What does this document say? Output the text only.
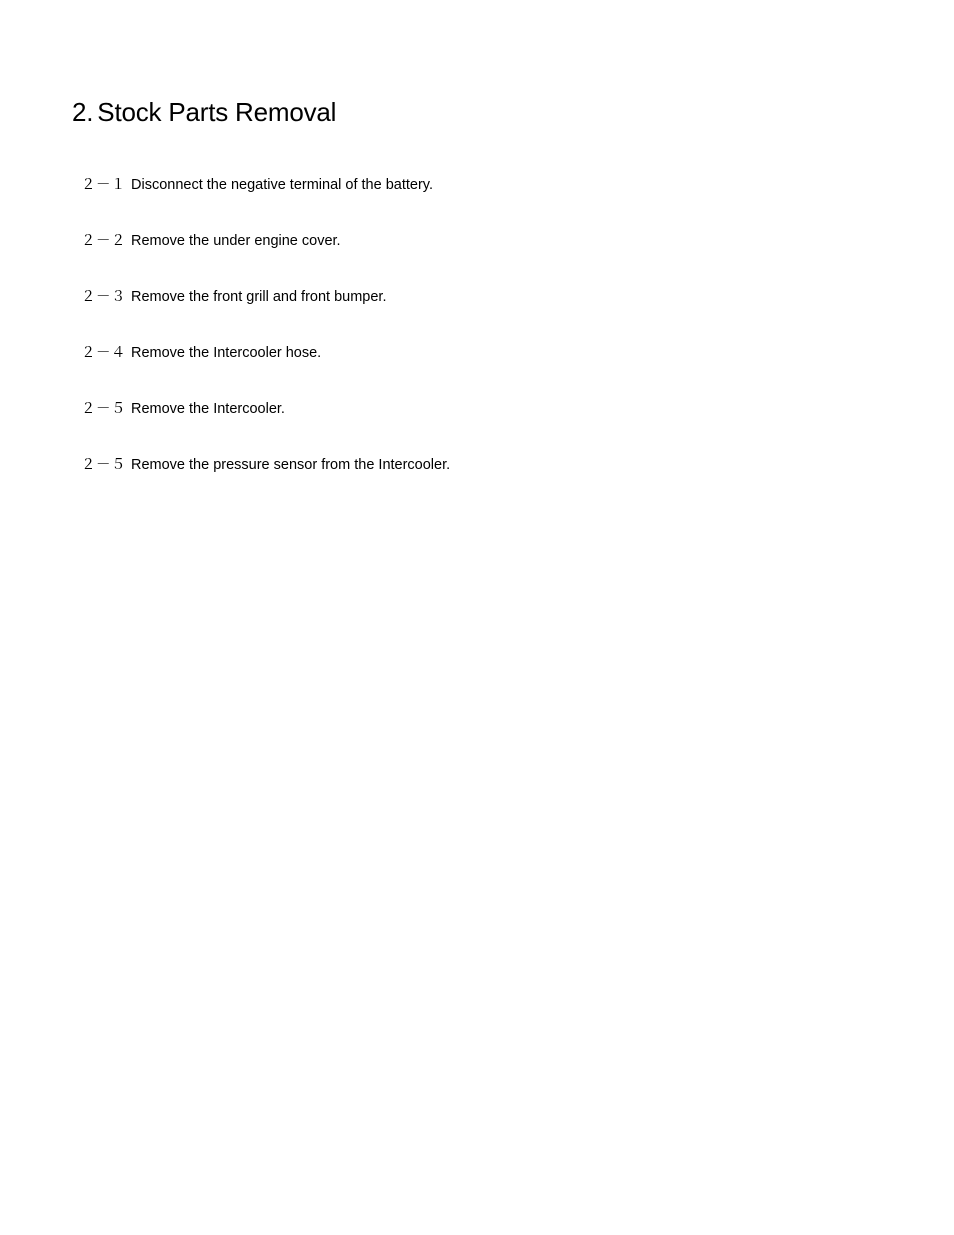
2. Stock Parts Removal
２－１ Disconnect the negative terminal of the battery.
２－２ Remove the under engine cover.
２－３ Remove the front grill and front bumper.
２－４ Remove the Intercooler hose.
２－５ Remove the Intercooler.
２－５ Remove the pressure sensor from the Intercooler.
